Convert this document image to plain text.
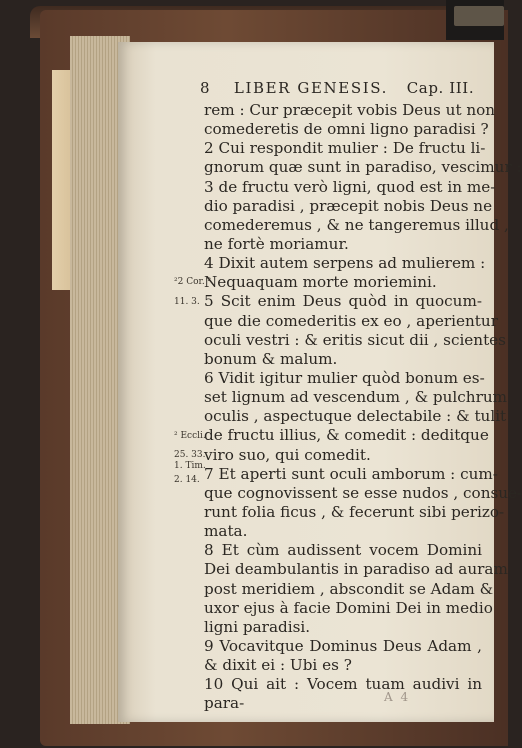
8 LIBER GENESIS. Cap. III.
rem : Cur præcepit vobis Deus ut non
comederetis de omni ligno paradisi ?
2 Cui respondit mulier : De fructu li-
gnorum quæ sunt in paradiso, vescimur :
3 de fructu verò ligni, quod est in me-
dio paradisi , præcepit nobis Deus ne
comederemus , & ne tangeremus illud ,
ne fortè moriamur.
4 Dixit autem serpens ad mulierem :
Nequaquam morte moriemini.
5 Scit enim Deus quòd in quocum-
que die comederitis ex eo , aperientur
oculi vestri : & eritis sicut dii , scientes
bonum & malum.
6 Vidit igitur mulier quòd bonum es-
set lignum ad vescendum , & pulchrum
oculis , aspectuque delectabile : & tulit
de fructu illius, & comedit : deditque
viro suo, qui comedit.
7 Et aperti sunt oculi amborum : cum-
que cognovissent se esse nudos , consue-
runt folia ficus , & fecerunt sibi perizo-
mata.
8 Et cùm audissent vocem Domini
Dei deambulantis in paradiso ad auram
post meridiem , abscondit se Adam &
uxor ejus à facie Domini Dei in medio
ligni paradisi.
9 Vocavitque Dominus Deus Adam ,
& dixit ei : Ubi es ?
10 Qui ait : Vocem tuam audivi in
para-
²2 Cor. ²
11. 3.
² Eccli.
25. 33.
1. Tim.
2. 14.
A 4
